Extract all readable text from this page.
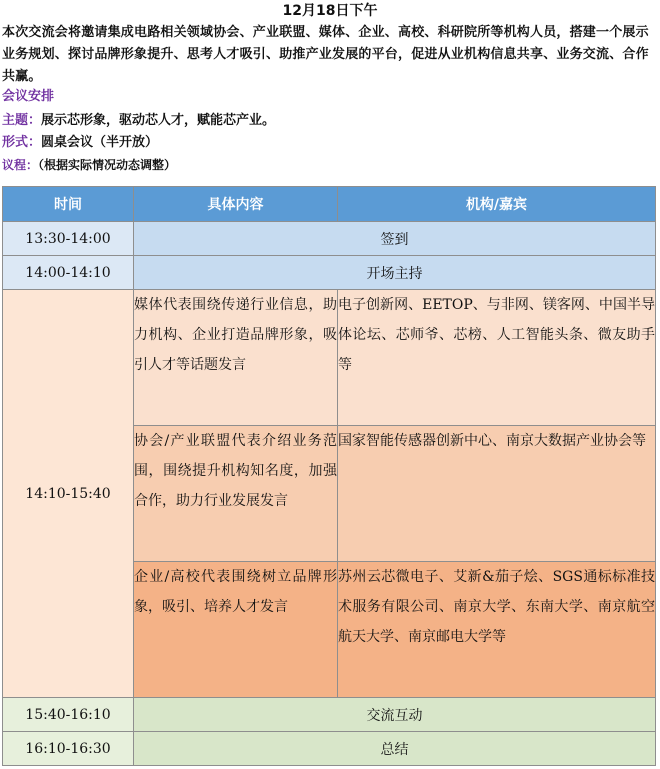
12月18日下午
本次交流会将邀请集成电路相关领域协会、产业联盟、媒体、企业、高校、科研院所等机构人员，搭建一个展示业务规划、探讨品牌形象提升、思考人才吸引、助推产业发展的平台，促进从业机构信息共享、业务交流、合作共赢。
会议安排
主题：展示芯形象，驱动芯人才，赋能芯产业。
形式：圆桌会议（半开放）
议程：（根据实际情况动态调整）
时间	具体内容	机构/嘉宾
13:30-14:00	签到	
14:00-14:10	开场主持	
14:10-15:40	媒体代表围绕传递行业信息，助力机构、企业打造品牌形象，吸引人才等话题发言	电子创新网、EETOP、与非网、镁客网、中国半导体论坛、芯师爷、芯榜、人工智能头条、微友助手等
	协会/产业联盟代表介绍业务范围，围绕提升机构知名度，加强合作，助力行业发展发言	国家智能传感器创新中心、南京大数据产业协会等
	企业/高校代表围绕树立品牌形象，吸引、培养人才发言	苏州云芯微电子、艾新&茄子烩、SGS通标标准技术服务有限公司、南京大学、东南大学、南京航空航天大学、南京邮电大学等
15:40-16:10	交流互动	
16:10-16:30	总结	
